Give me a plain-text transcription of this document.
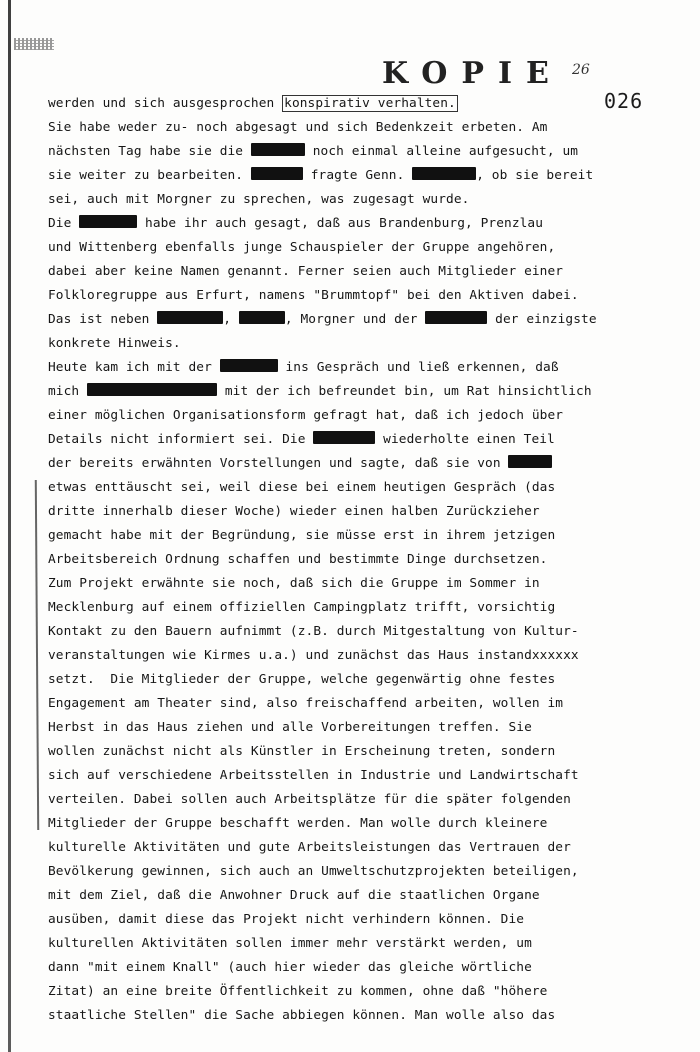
KOPIE 26
026
werden und sich ausgesprochen konspirativ verhalten.
Sie habe weder zu- noch abgesagt und sich Bedenkzeit erbeten. Am
nächsten Tag habe sie die	noch einmal alleine aufgesucht, um
sie weiter zu bearbeiten.	fragte Genn.	, ob sie bereit
sei, auch mit Morgner zu sprechen, was zugesagt wurde.
Die	habe ihr auch gesagt, daß aus Brandenburg, Prenzlau
und Wittenberg ebenfalls junge Schauspieler der Gruppe angehören,
dabei aber keine Namen genannt. Ferner seien auch Mitglieder einer
Folkloregruppe aus Erfurt, namens "Brummtopf" bei den Aktiven dabei.
Das ist neben	,	, Morgner und der	der einzigste
konkrete Hinweis.
Heute kam ich mit der	ins Gespräch und ließ erkennen, daß
mich	mit der ich befreundet bin, um Rat hinsichtlich
einer möglichen Organisationsform gefragt hat, daß ich jedoch über
Details nicht informiert sei. Die	wiederholte einen Teil
der bereits erwähnten Vorstellungen und sagte, daß sie von
etwas enttäuscht sei, weil diese bei einem heutigen Gespräch (das
dritte innerhalb dieser Woche) wieder einen halben Zurückzieher
gemacht habe mit der Begründung, sie müsse erst in ihrem jetzigen
Arbeitsbereich Ordnung schaffen und bestimmte Dinge durchsetzen.
Zum Projekt erwähnte sie noch, daß sich die Gruppe im Sommer in
Mecklenburg auf einem offiziellen Campingplatz trifft, vorsichtig
Kontakt zu den Bauern aufnimmt (z.B. durch Mitgestaltung von Kultur-
veranstaltungen wie Kirmes u.a.) und zunächst das Haus instandxxxxxx
setzt.  Die Mitglieder der Gruppe, welche gegenwärtig ohne festes
Engagement am Theater sind, also freischaffend arbeiten, wollen im
Herbst in das Haus ziehen und alle Vorbereitungen treffen. Sie
wollen zunächst nicht als Künstler in Erscheinung treten, sondern
sich auf verschiedene Arbeitsstellen in Industrie und Landwirtschaft
verteilen. Dabei sollen auch Arbeitsplätze für die später folgenden
Mitglieder der Gruppe beschafft werden. Man wolle durch kleinere
kulturelle Aktivitäten und gute Arbeitsleistungen das Vertrauen der
Bevölkerung gewinnen, sich auch an Umweltschutzprojekten beteiligen,
mit dem Ziel, daß die Anwohner Druck auf die staatlichen Organe
ausüben, damit diese das Projekt nicht verhindern können. Die
kulturellen Aktivitäten sollen immer mehr verstärkt werden, um
dann "mit einem Knall" (auch hier wieder das gleiche wörtliche
Zitat) an eine breite Öffentlichkeit zu kommen, ohne daß "höhere
staatliche Stellen" die Sache abbiegen können. Man wolle also das
